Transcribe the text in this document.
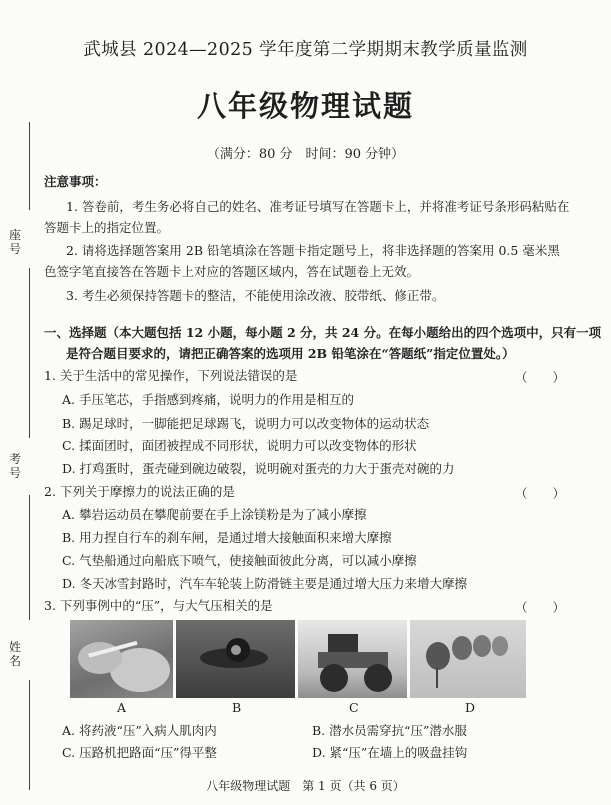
座号
考号
姓名
武城县 2024—2025 学年度第二学期期末教学质量监测
八年级物理试题
（满分：80 分　时间：90 分钟）
注意事项：
1. 答卷前，考生务必将自己的姓名、准考证号填写在答题卡上，并将准考证号条形码粘贴在
答题卡上的指定位置。
2. 请将选择题答案用 2B 铅笔填涂在答题卡指定题号上，将非选择题的答案用 0.5 毫米黑
色签字笔直接答在答题卡上对应的答题区域内，答在试题卷上无效。
3. 考生必须保持答题卡的整洁，不能使用涂改液、胶带纸、修正带。
一、选择题（本大题包括 12 小题，每小题 2 分，共 24 分。在每小题给出的四个选项中，只有一项
是符合题目要求的，请把正确答案的选项用 2B 铅笔涂在“答题纸”指定位置处。）
1. 关于生活中的常见操作，下列说法错误的是	（　　）
A. 手压笔芯，手指感到疼痛，说明力的作用是相互的
B. 踢足球时，一脚能把足球踢飞，说明力可以改变物体的运动状态
C. 揉面团时，面团被捏成不同形状，说明力可以改变物体的形状
D. 打鸡蛋时，蛋壳碰到碗边破裂，说明碗对蛋壳的力大于蛋壳对碗的力
2. 下列关于摩擦力的说法正确的是	（　　）
A. 攀岩运动员在攀爬前要在手上涂镁粉是为了减小摩擦
B. 用力捏自行车的刹车闸，是通过增大接触面积来增大摩擦
C. 气垫船通过向船底下喷气，使接触面彼此分离，可以减小摩擦
D. 冬天冰雪封路时，汽车车轮装上防滑链主要是通过增大压力来增大摩擦
3. 下列事例中的“压”，与大气压相关的是	（　　）
A	B	C	D
A. 将药液“压”入病人肌肉内	B. 潜水员需穿抗“压”潜水服
C. 压路机把路面“压”得平整	D. 紧“压”在墙上的吸盘挂钩
八年级物理试题　第 1 页（共 6 页）
